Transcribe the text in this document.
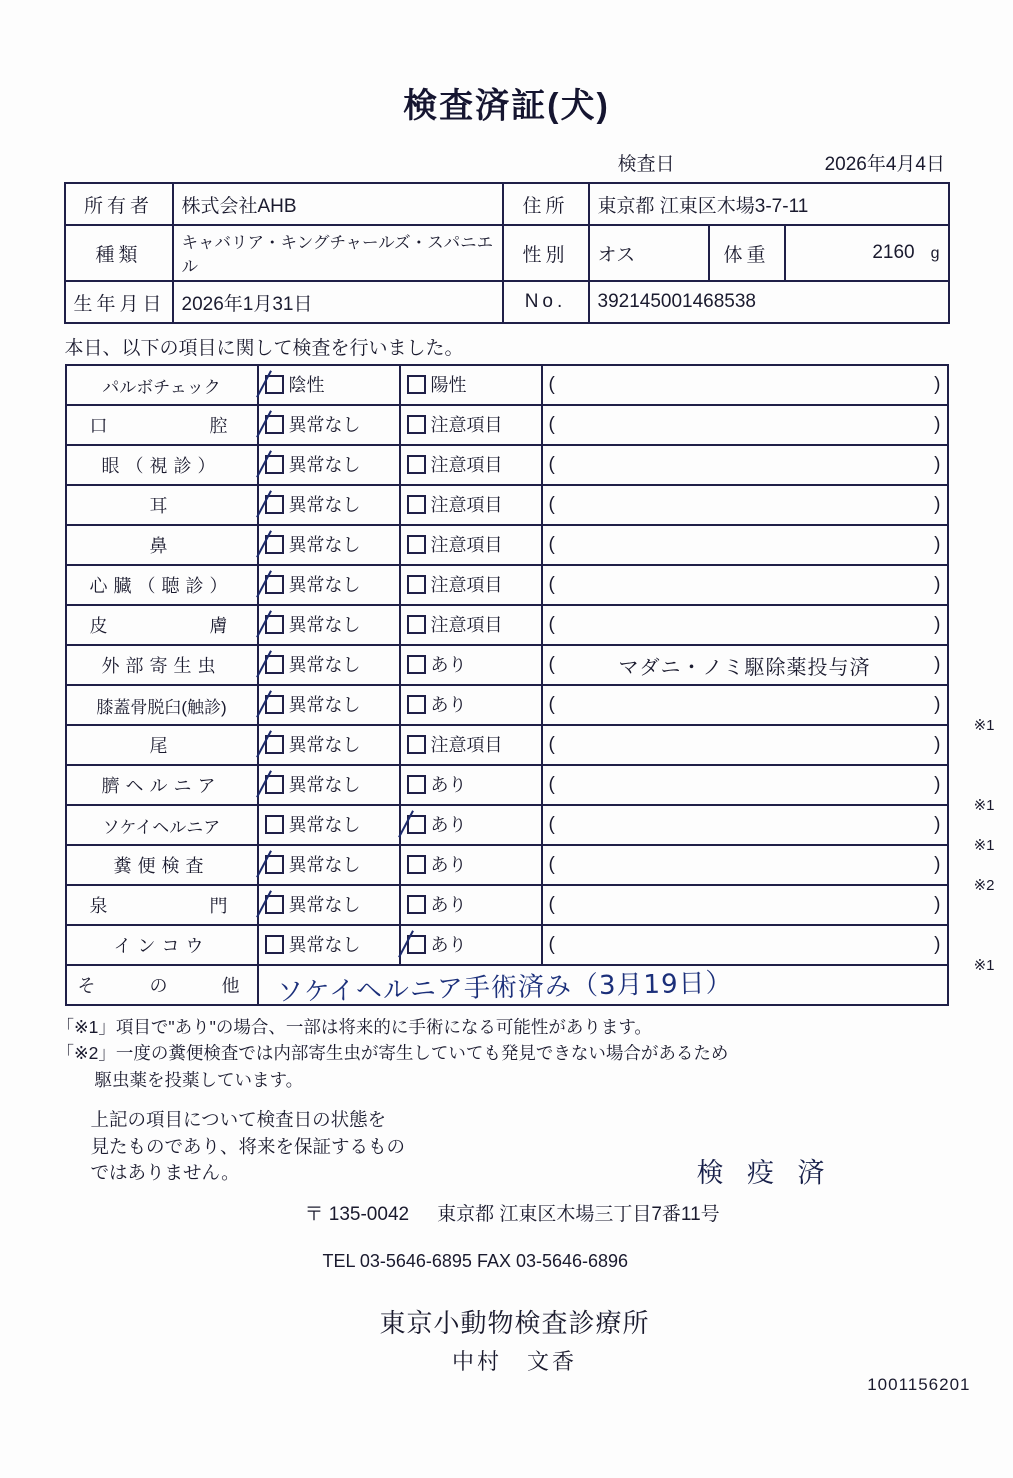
検査済証(犬)
検査日	2026年4月4日
所有者	株式会社AHB	住所	東京都 江東区木場3-7-11		
種類	キャバリア・キングチャールズ・スパニエル	性別	オス	体重	2160 g

生年月日	2026年1月31日	No.	392145001468538		
本日、以下の項目に関して検査を行いました。
パルボチェック	陰性	陽性	( )

口　　　　腔	異常なし	注意項目	( )

眼（視診）	異常なし	注意項目	( )

耳	異常なし	注意項目	( )

鼻	異常なし	注意項目	( )

心臓（聴診）	異常なし	注意項目	( )

皮　　　　膚	異常なし	注意項目	( )

外部寄生虫	異常なし	あり	( マダニ・ノミ駆除薬投与済 )

膝蓋骨脱臼(触診)	異常なし	あり	( )
※1

尾	異常なし	注意項目	( )

臍ヘルニア	異常なし	あり	( )
※1

ソケイヘルニア	異常なし	あり	( )
※1

糞便検査	異常なし	あり	( )
※2

泉　　　　門	異常なし	あり	( )

インコウ	異常なし	あり	( )
※1

そ　　の　　他	ソケイヘルニア手術済み（3月19日）		
「※1」項目で"あり"の場合、一部は将来的に手術になる可能性があります。
「※2」一度の糞便検査では内部寄生虫が寄生していても発見できない場合があるため
駆虫薬を投薬しています。
上記の項目について検査日の状態を
見たものであり、将来を保証するもの
ではありません。	検 疫 済
〒 135-0042 東京都 江東区木場三丁目7番11号
TEL 03-5646-6895 FAX 03-5646-6896
東京小動物検査診療所
中村　文香
1001156201
